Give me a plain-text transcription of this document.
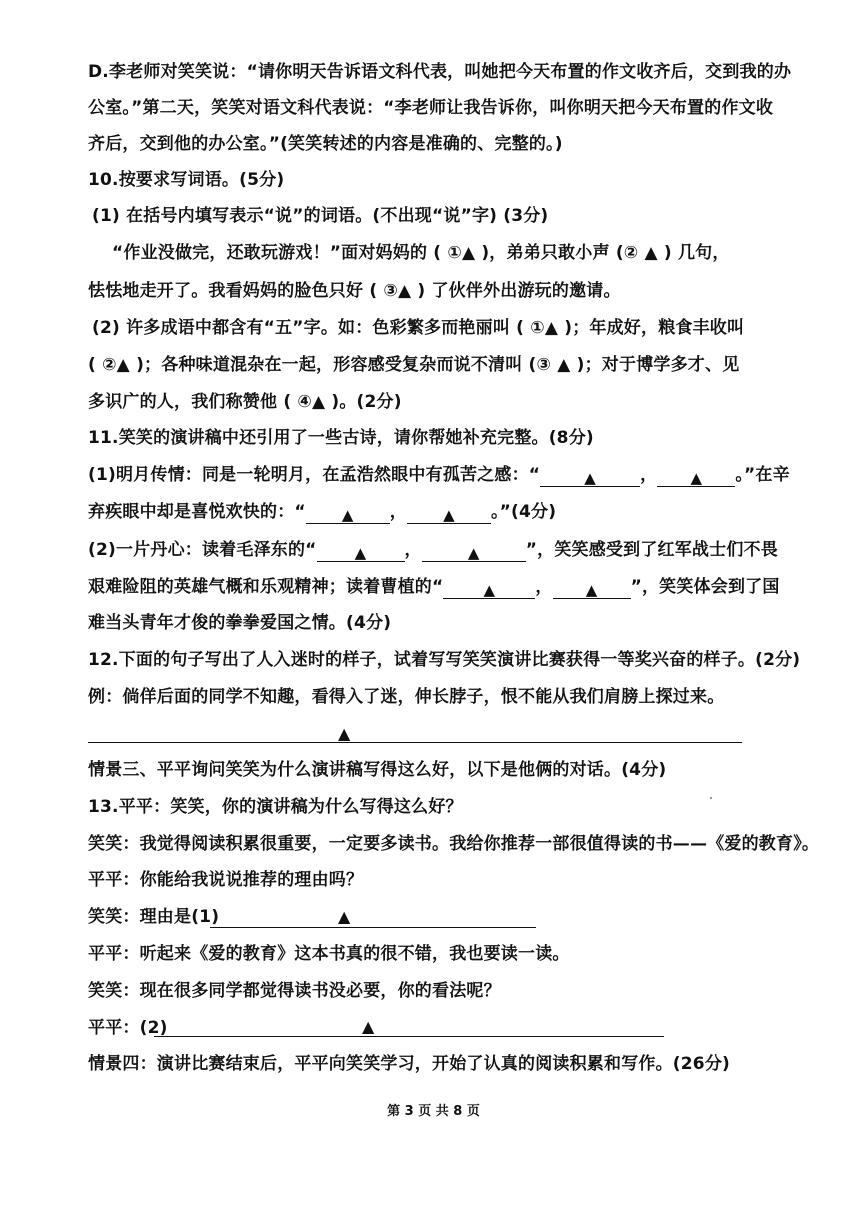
D.李老师对笑笑说：“请你明天告诉语文科代表，叫她把今天布置的作文收齐后，交到我的办
公室。”第二天，笑笑对语文科代表说：“李老师让我告诉你，叫你明天把今天布置的作文收
齐后，交到他的办公室。”(笑笑转述的内容是准确的、完整的。)
10.按要求写词语。(5分)
(1) 在括号内填写表示“说”的词语。(不出现“说”字) (3分)
“作业没做完，还敢玩游戏！”面对妈妈的 ( ①▲ )，弟弟只敢小声 (② ▲ ) 几句，
怯怯地走开了。我看妈妈的脸色只好 ( ③▲ ) 了伙伴外出游玩的邀请。
(2) 许多成语中都含有“五”字。如：色彩繁多而艳丽叫 ( ①▲ )；年成好，粮食丰收叫
( ②▲ )；各种味道混杂在一起，形容感受复杂而说不清叫 (③ ▲ )；对于博学多才、见
多识广的人，我们称赞他 ( ④▲ )。(2分)
11.笑笑的演讲稿中还引用了一些古诗，请你帮她补充完整。(8分)
(1)明月传情：同是一轮明月，在孟浩然眼中有孤苦之感：“	▲	， ▲ 。”在辛
弃疾眼中却是喜悦欢快的：“ ▲ ， ▲ 。”(4分)
(2)一片丹心：读着毛泽东的“	▲ ，	▲	”，笑笑感受到了红军战士们不畏
艰难险阻的英雄气概和乐观精神；读着曹植的“	▲ ， ▲ ”，笑笑体会到了国
难当头青年才俊的拳拳爱国之情。(4分)
12.下面的句子写出了人入迷时的样子，试着写写笑笑演讲比赛获得一等奖兴奋的样子。(2分)
例：倘佯后面的同学不知趣，看得入了迷，伸长脖子，恨不能从我们肩膀上探过来。
▲
情景三、平平询问笑笑为什么演讲稿写得这么好，以下是他俩的对话。(4分)
13.平平：笑笑，你的演讲稿为什么写得这么好？
笑笑：我觉得阅读积累很重要，一定要多读书。我给你推荐一部很值得读的书——《爱的教育》。
平平：你能给我说说推荐的理由吗？
笑笑：理由是(1)	▲
平平：听起来《爱的教育》这本书真的很不错，我也要读一读。
笑笑：现在很多同学都觉得读书没必要，你的看法呢？
平平：(2)	▲
情景四：演讲比赛结束后，平平向笑笑学习，开始了认真的阅读积累和写作。(26分)
第 3 页 共 8 页
